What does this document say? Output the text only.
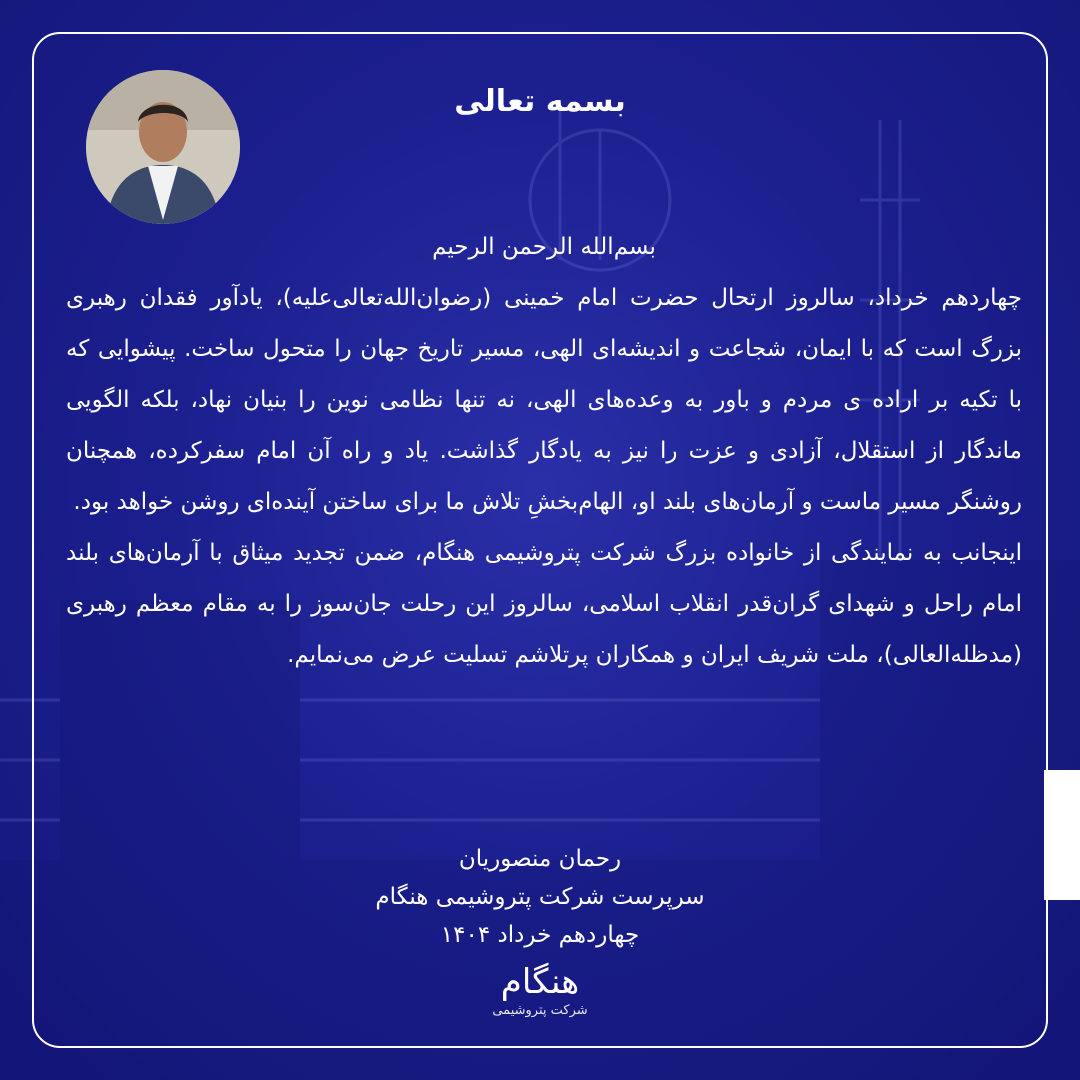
بسمه تعالی

بسم‌الله الرحمن الرحیم

چهاردهم خرداد، سالروز ارتحال حضرت امام خمینی (رضوان‌الله‌تعالی‌علیه)، یادآور فقدان رهبری بزرگ است که با ایمان، شجاعت و اندیشه‌ای الهی، مسیر تاریخ جهان را متحول ساخت. پیشوایی که با تکیه بر اراده ی مردم و باور به وعده‌های الهی، نه تنها نظامی نوین را بنیان نهاد، بلکه الگویی ماندگار از استقلال، آزادی و عزت را نیز به یادگار گذاشت. یاد و راه آن امام سفرکرده، همچنان روشنگر مسیر ماست و آرمان‌های بلند او، الهام‌بخشِ تلاش ما برای ساختن آینده‌ای روشن خواهد بود.

اینجانب به نمایندگی از خانواده بزرگ شرکت پتروشیمی هنگام، ضمن تجدید میثاق با آرمان‌های بلند امام راحل و شهدای گران‌قدر انقلاب اسلامی، سالروز این رحلت جان‌سوز را به مقام معظم رهبری (مدظله‌العالی)، ملت شریف ایران و همکاران پرتلاشم تسلیت عرض می‌نمایم.

رحمان منصوریان
سرپرست شرکت پتروشیمی هنگام
چهاردهم خرداد ۱۴۰۴
هنگام
شرکت پتروشیمی
